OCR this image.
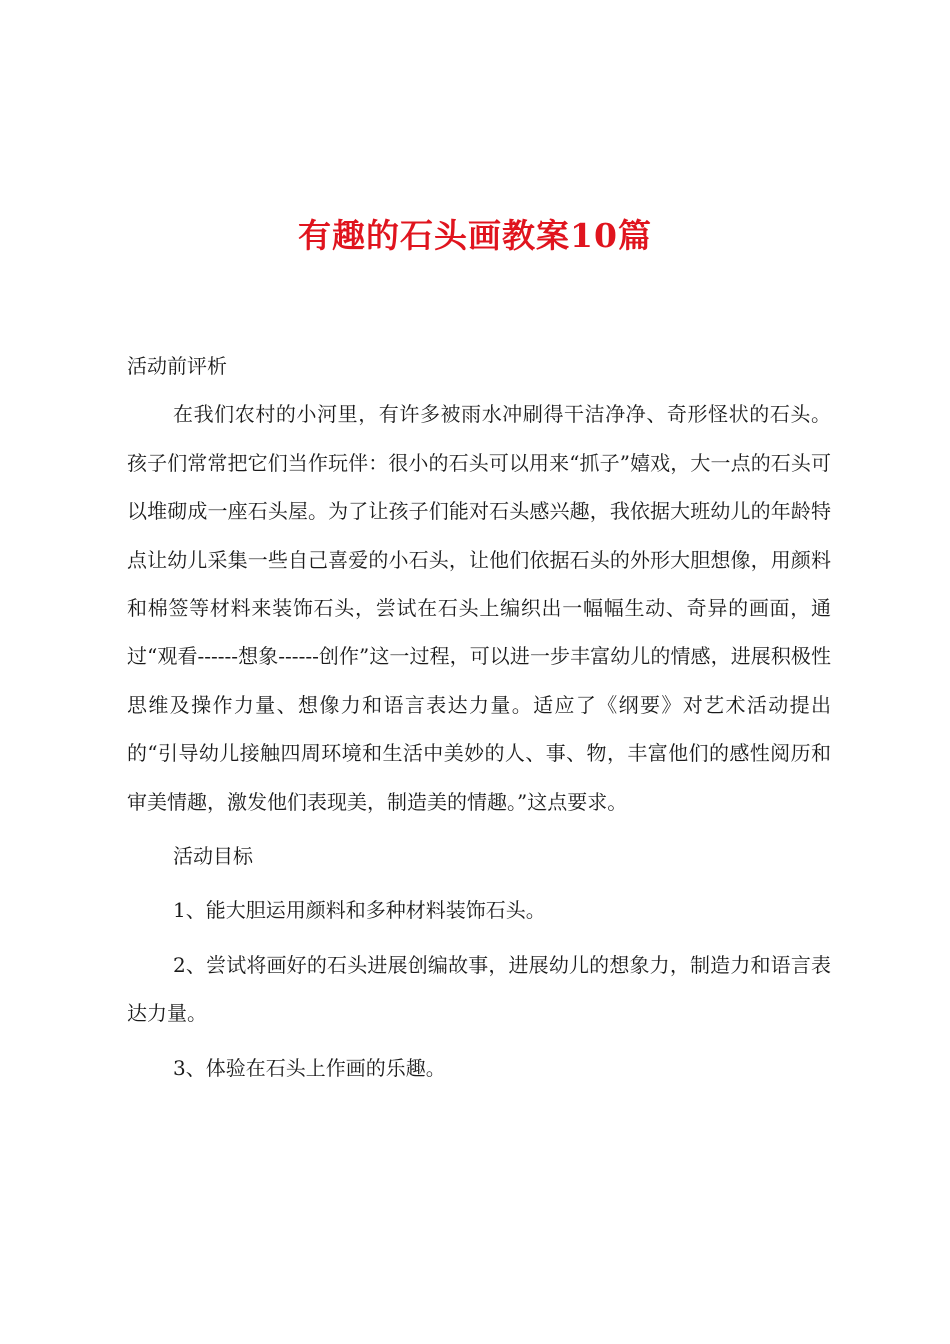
有趣的石头画教案10篇

活动前评析

在我们农村的小河里，有许多被雨水冲刷得干洁净净、奇形怪状的石头。孩子们常常把它们当作玩伴：很小的石头可以用来“抓子”嬉戏，大一点的石头可以堆砌成一座石头屋。为了让孩子们能对石头感兴趣，我依据大班幼儿的年龄特点让幼儿采集一些自己喜爱的小石头，让他们依据石头的外形大胆想像，用颜料和棉签等材料来装饰石头，尝试在石头上编织出一幅幅生动、奇异的画面，通过“观看------想象------创作”这一过程，可以进一步丰富幼儿的情感，进展积极性思维及操作力量、想像力和语言表达力量。适应了《纲要》对艺术活动提出的“引导幼儿接触四周环境和生活中美妙的人、事、物，丰富他们的感性阅历和审美情趣，激发他们表现美，制造美的情趣。”这点要求。

活动目标

1、能大胆运用颜料和多种材料装饰石头。

2、尝试将画好的石头进展创编故事，进展幼儿的想象力，制造力和语言表达力量。

3、体验在石头上作画的乐趣。
